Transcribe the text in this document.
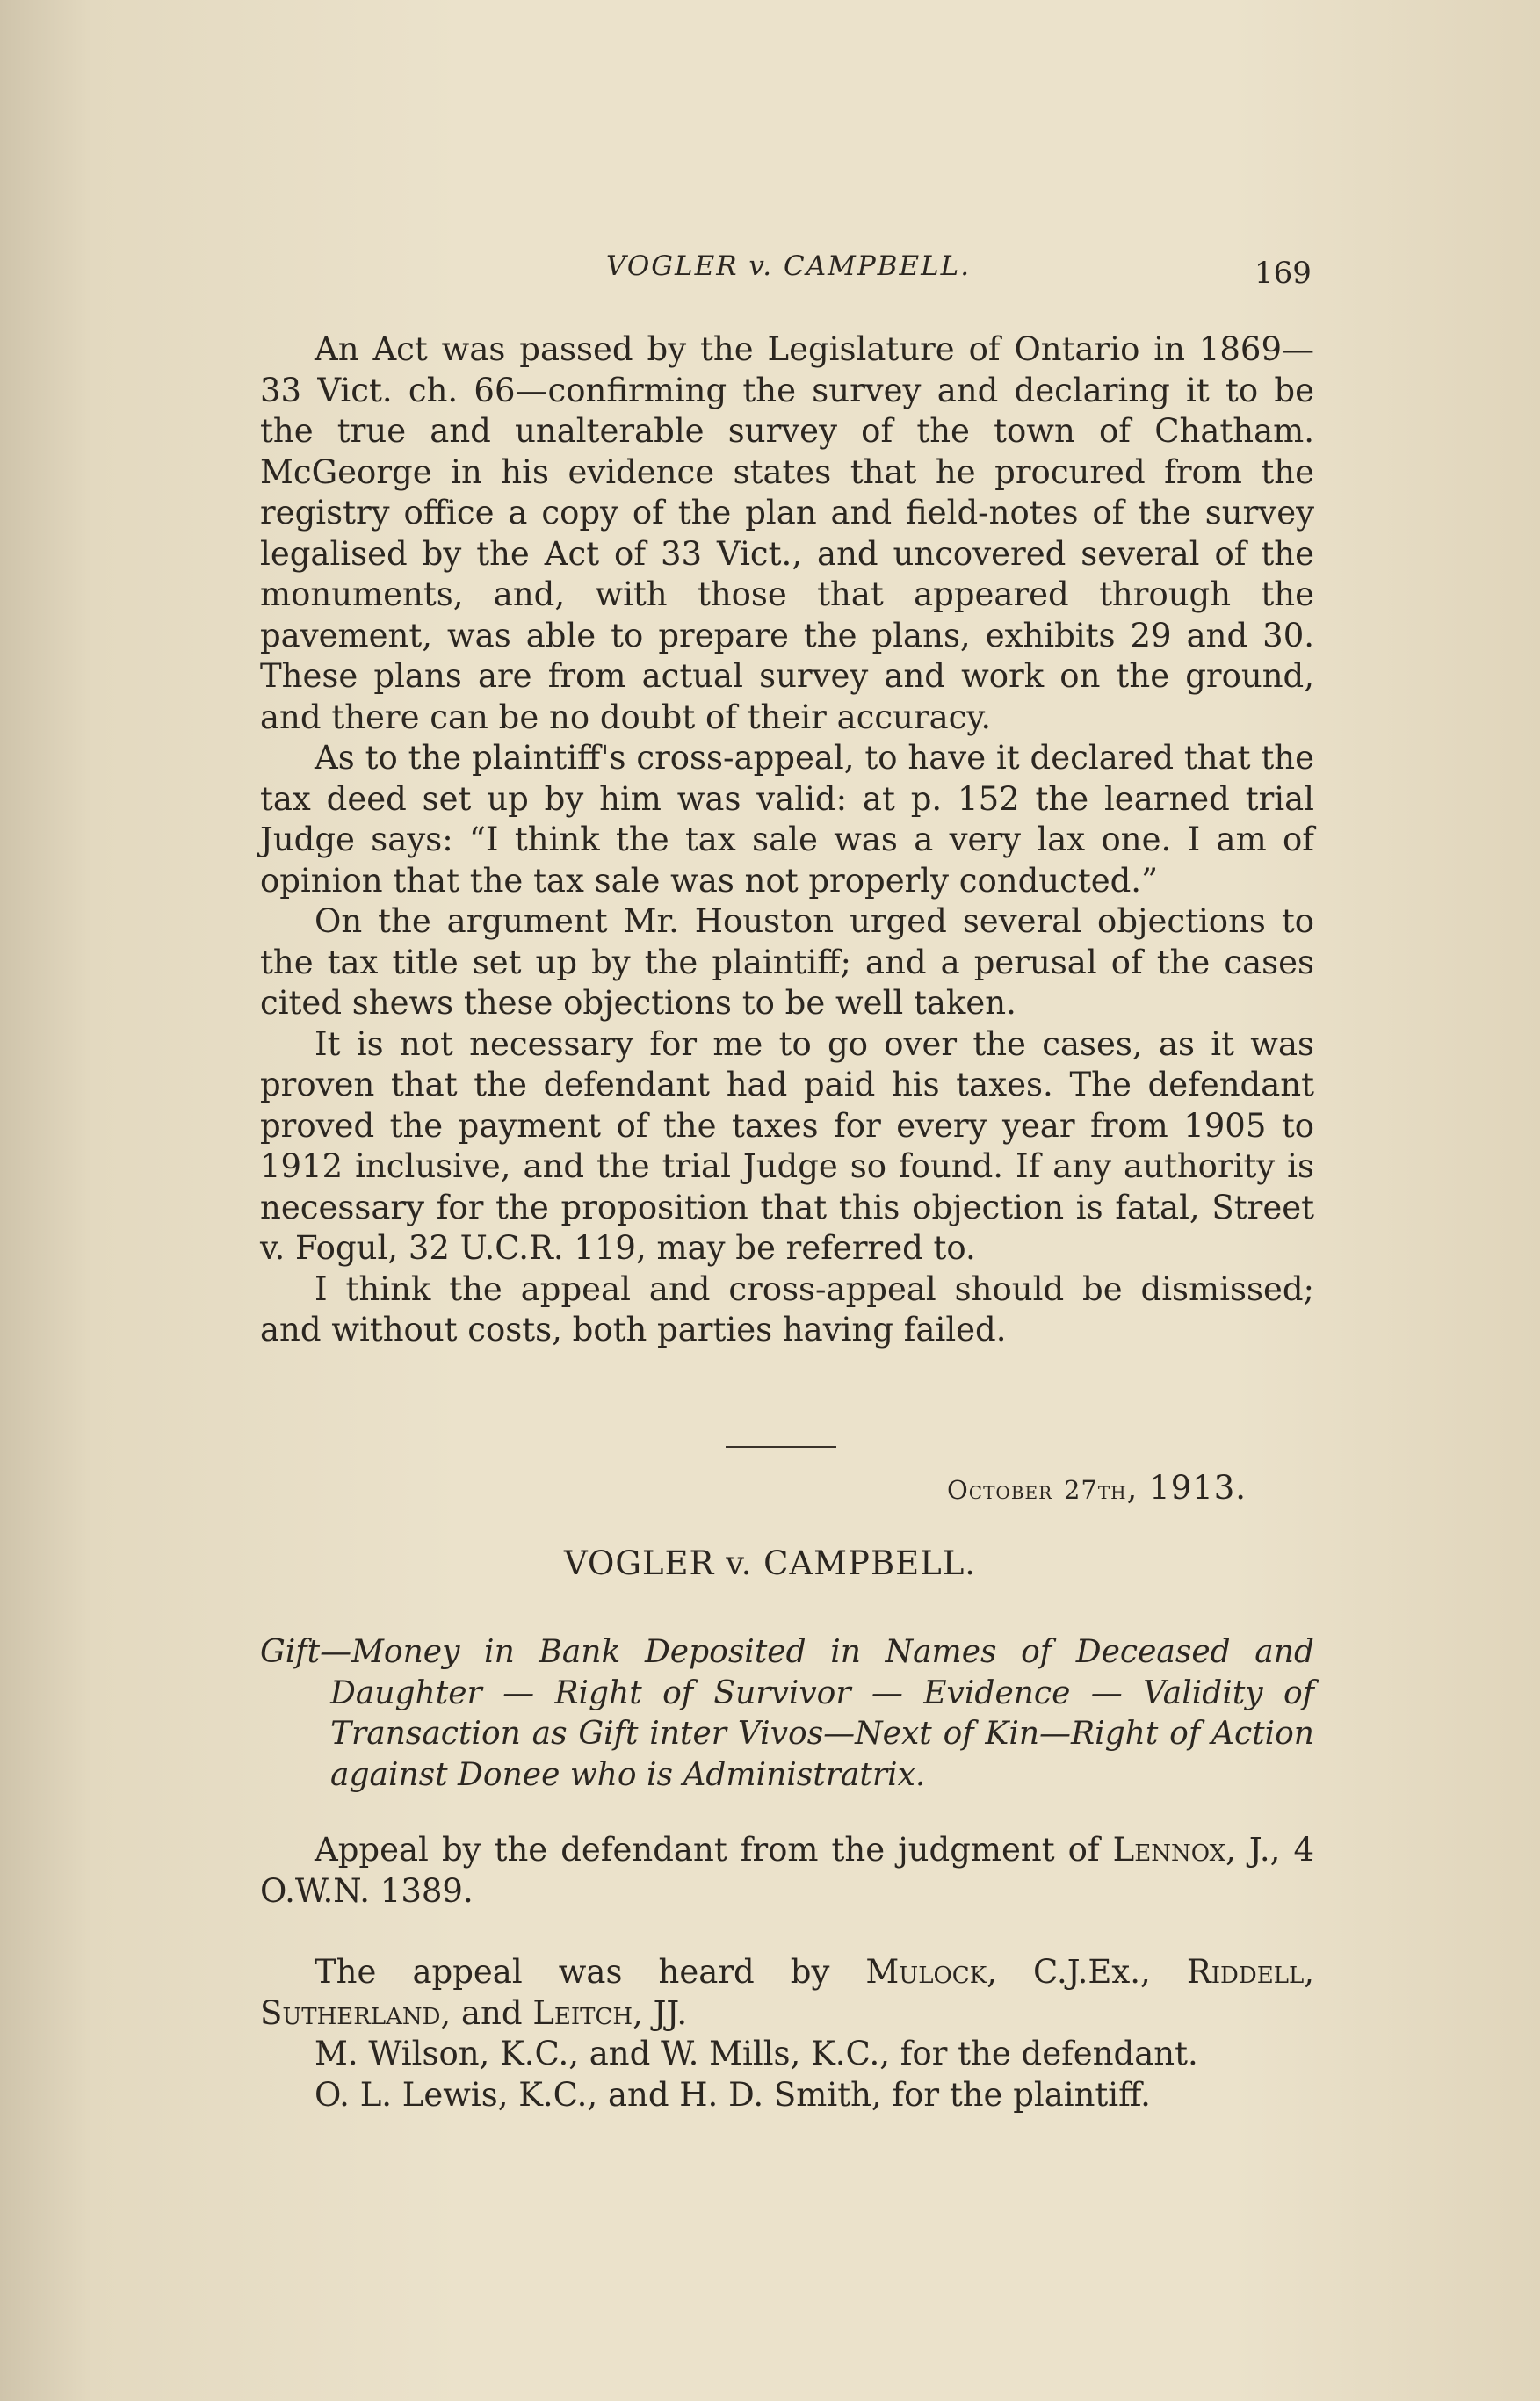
VOGLER v. CAMPBELL.	169

An Act was passed by the Legislature of Ontario in 1869—33 Vict. ch. 66—confirming the survey and declaring it to be the true and unalterable survey of the town of Chatham. McGeorge in his evidence states that he procured from the registry office a copy of the plan and field-notes of the survey legalised by the Act of 33 Vict., and uncovered several of the monuments, and, with those that appeared through the pavement, was able to prepare the plans, exhibits 29 and 30. These plans are from actual survey and work on the ground, and there can be no doubt of their accuracy.

As to the plaintiff's cross-appeal, to have it declared that the tax deed set up by him was valid: at p. 152 the learned trial Judge says: “I think the tax sale was a very lax one. I am of opinion that the tax sale was not properly conducted.”

On the argument Mr. Houston urged several objections to the tax title set up by the plaintiff; and a perusal of the cases cited shews these objections to be well taken.

It is not necessary for me to go over the cases, as it was proven that the defendant had paid his taxes. The defendant proved the payment of the taxes for every year from 1905 to 1912 inclusive, and the trial Judge so found. If any authority is necessary for the proposition that this objection is fatal, Street v. Fogul, 32 U.C.R. 119, may be referred to.

I think the appeal and cross-appeal should be dismissed; and without costs, both parties having failed.

October 27th, 1913.
VOGLER v. CAMPBELL.
Gift—Money in Bank Deposited in Names of Deceased and Daughter — Right of Survivor — Evidence — Validity of Transaction as Gift inter Vivos—Next of Kin—Right of Action against Donee who is Administratrix.

Appeal by the defendant from the judgment of Lennox, J., 4 O.W.N. 1389.

The appeal was heard by Mulock, C.J.Ex., Riddell, Sutherland, and Leitch, JJ.

M. Wilson, K.C., and W. Mills, K.C., for the defendant.

O. L. Lewis, K.C., and H. D. Smith, for the plaintiff.
